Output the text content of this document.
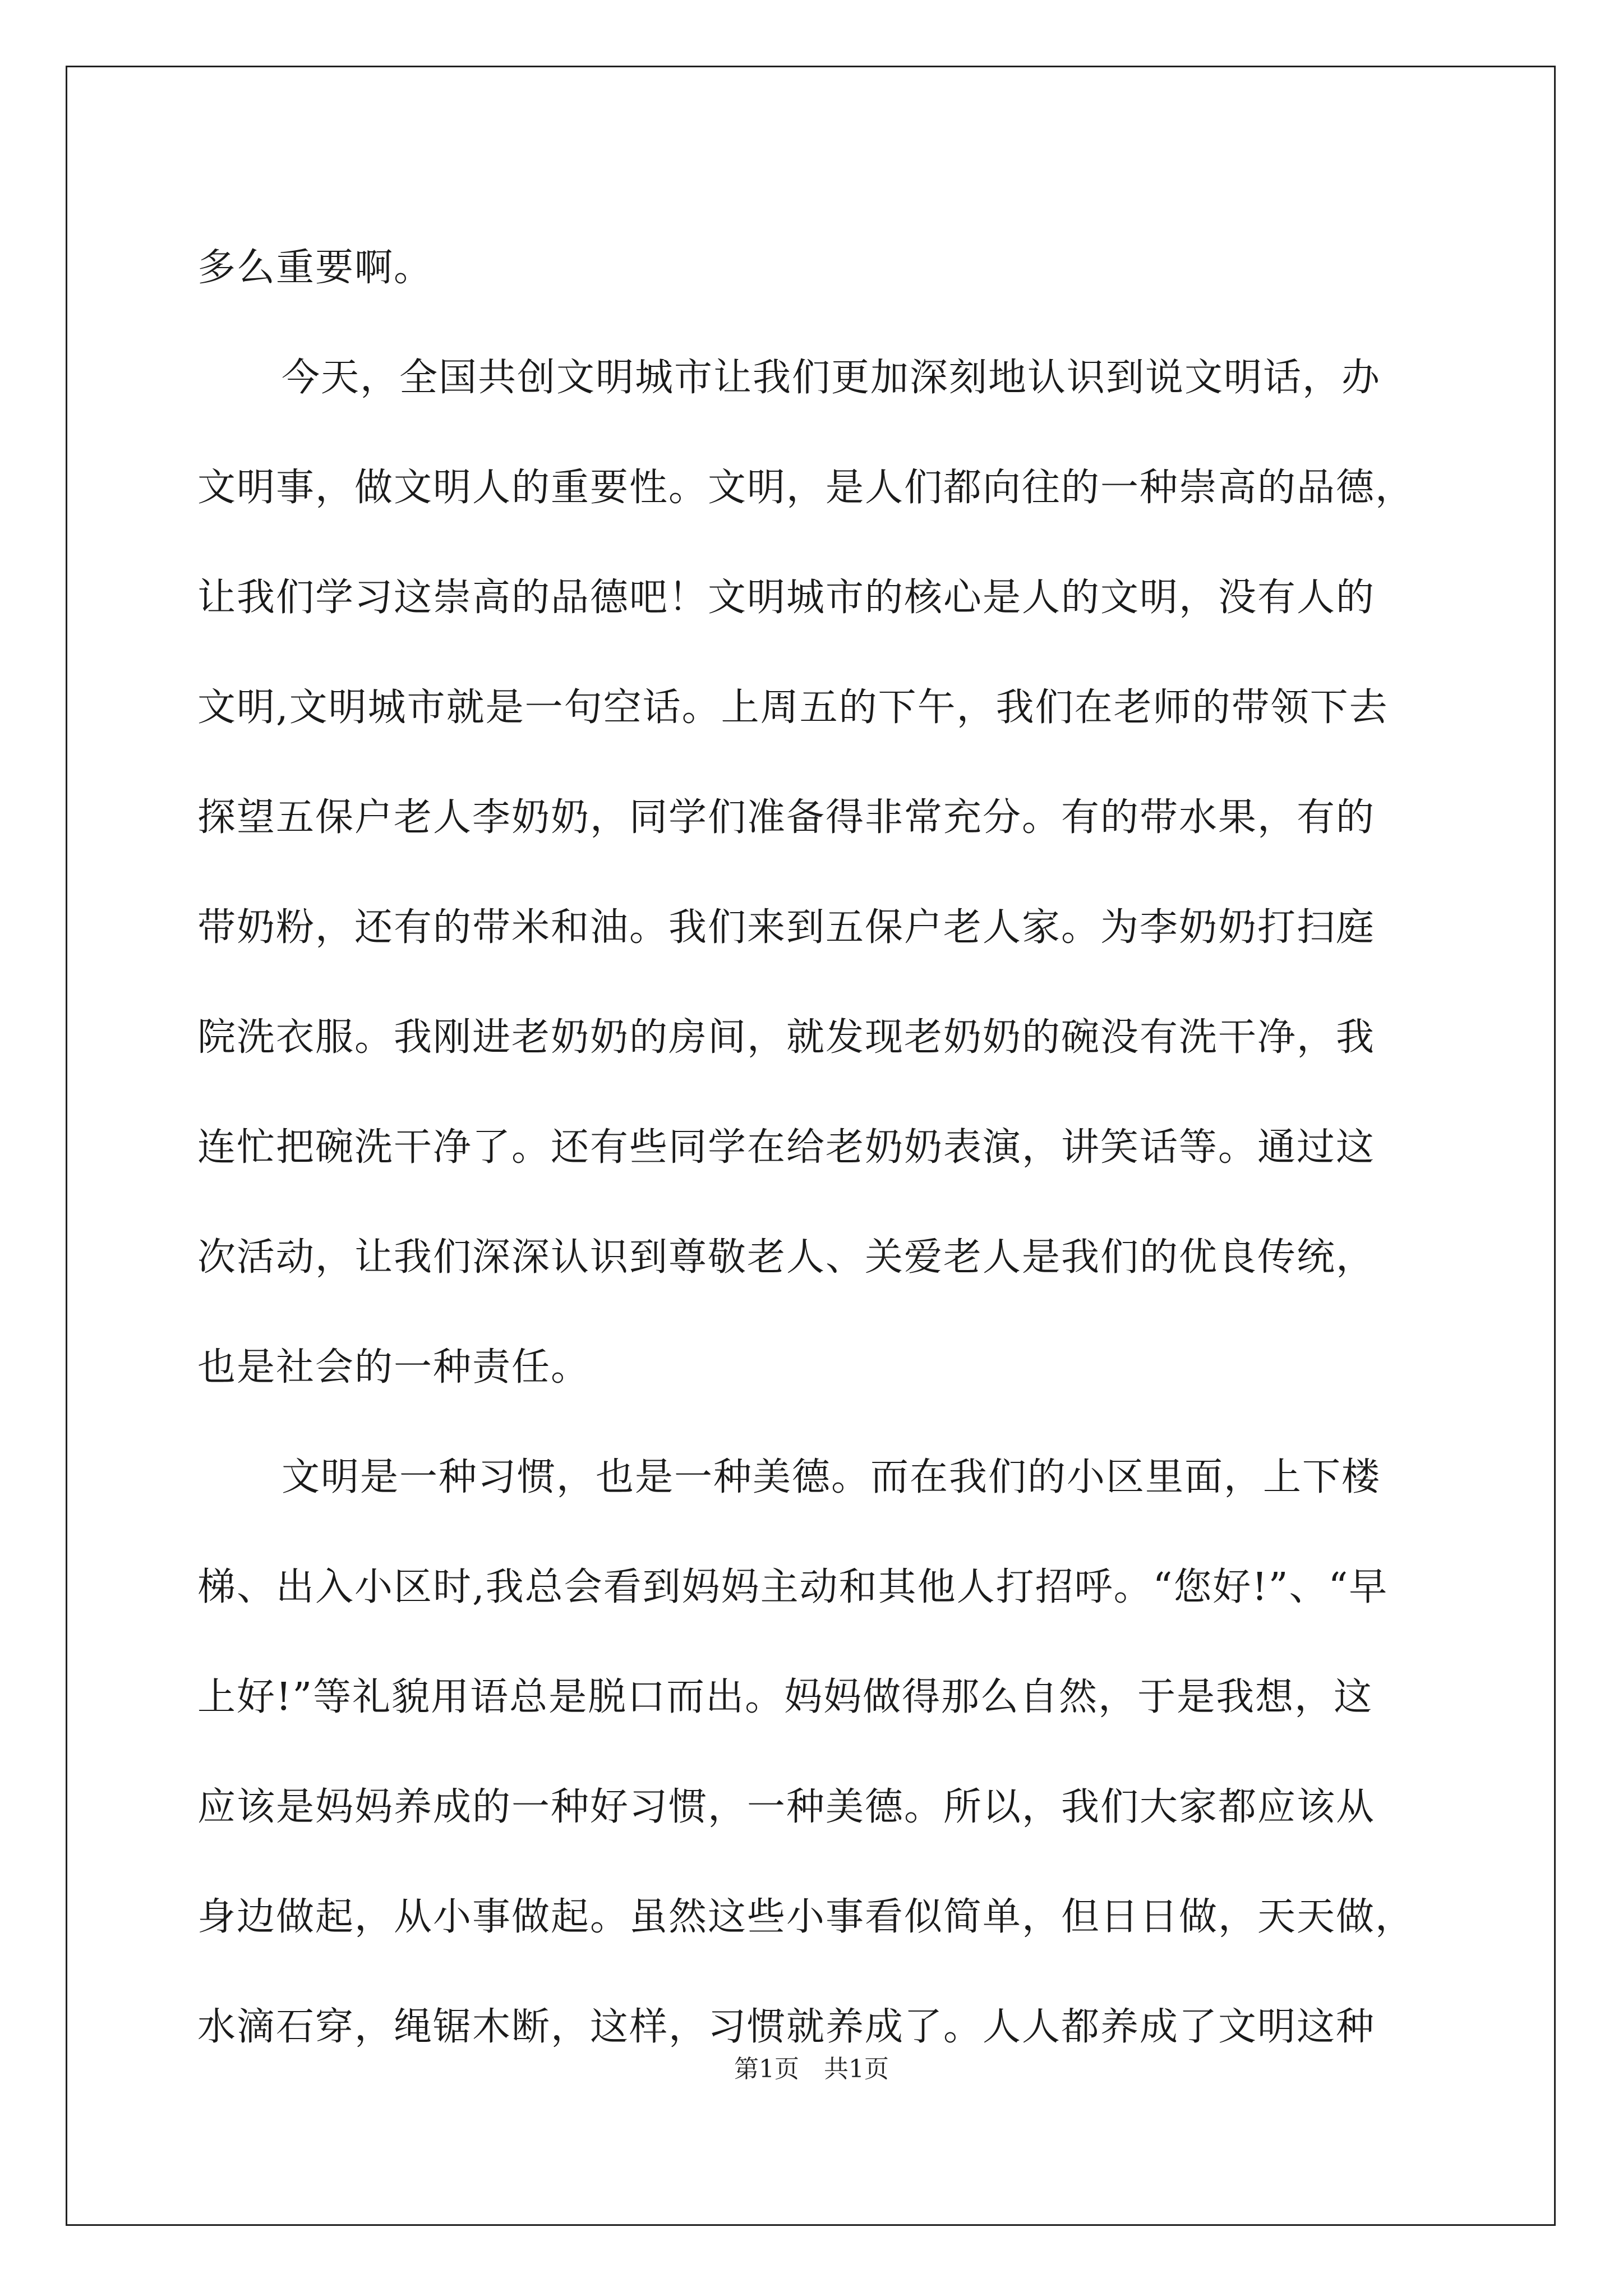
多么重要啊。
今天，全国共创文明城市让我们更加深刻地认识到说文明话，办
文明事，做文明人的重要性。文明，是人们都向往的一种崇高的品德，
让我们学习这崇高的品德吧！文明城市的核心是人的文明，没有人的
文明,文明城市就是一句空话。上周五的下午，我们在老师的带领下去
探望五保户老人李奶奶，同学们准备得非常充分。有的带水果，有的
带奶粉，还有的带米和油。我们来到五保户老人家。为李奶奶打扫庭
院洗衣服。我刚进老奶奶的房间，就发现老奶奶的碗没有洗干净，我
连忙把碗洗干净了。还有些同学在给老奶奶表演，讲笑话等。通过这
次活动，让我们深深认识到尊敬老人、关爱老人是我们的优良传统，
也是社会的一种责任。
文明是一种习惯，也是一种美德。而在我们的小区里面，上下楼
梯、出入小区时,我总会看到妈妈主动和其他人打招呼。“您好!”、“早
上好!”等礼貌用语总是脱口而出。妈妈做得那么自然，于是我想，这
应该是妈妈养成的一种好习惯，一种美德。所以，我们大家都应该从
身边做起，从小事做起。虽然这些小事看似简单，但日日做，天天做，
水滴石穿，绳锯木断，这样，习惯就养成了。人人都养成了文明这种
第1页 共1页
